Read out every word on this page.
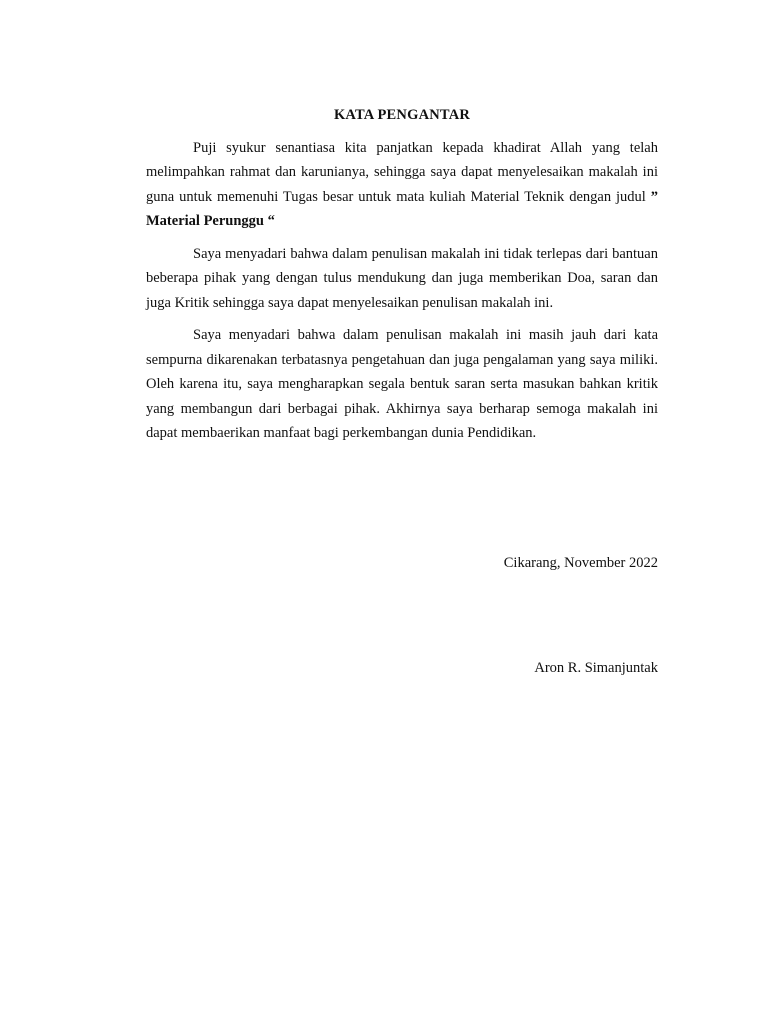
KATA PENGANTAR

Puji syukur senantiasa kita panjatkan kepada khadirat Allah yang telah melimpahkan rahmat dan karunianya, sehingga saya dapat menyelesaikan makalah ini guna untuk memenuhi Tugas besar untuk mata kuliah Material Teknik dengan judul ” Material Perunggu “

Saya menyadari bahwa dalam penulisan makalah ini tidak terlepas dari bantuan beberapa pihak yang dengan tulus mendukung dan juga memberikan Doa, saran dan juga Kritik sehingga saya dapat menyelesaikan penulisan makalah ini.

Saya menyadari bahwa dalam penulisan makalah ini masih jauh dari kata sempurna dikarenakan terbatasnya pengetahuan dan juga pengalaman yang saya miliki. Oleh karena itu, saya mengharapkan segala bentuk saran serta masukan bahkan kritik yang membangun dari berbagai pihak. Akhirnya saya berharap semoga makalah ini dapat membaerikan manfaat bagi perkembangan dunia Pendidikan.

Cikarang, November 2022
Aron R. Simanjuntak
